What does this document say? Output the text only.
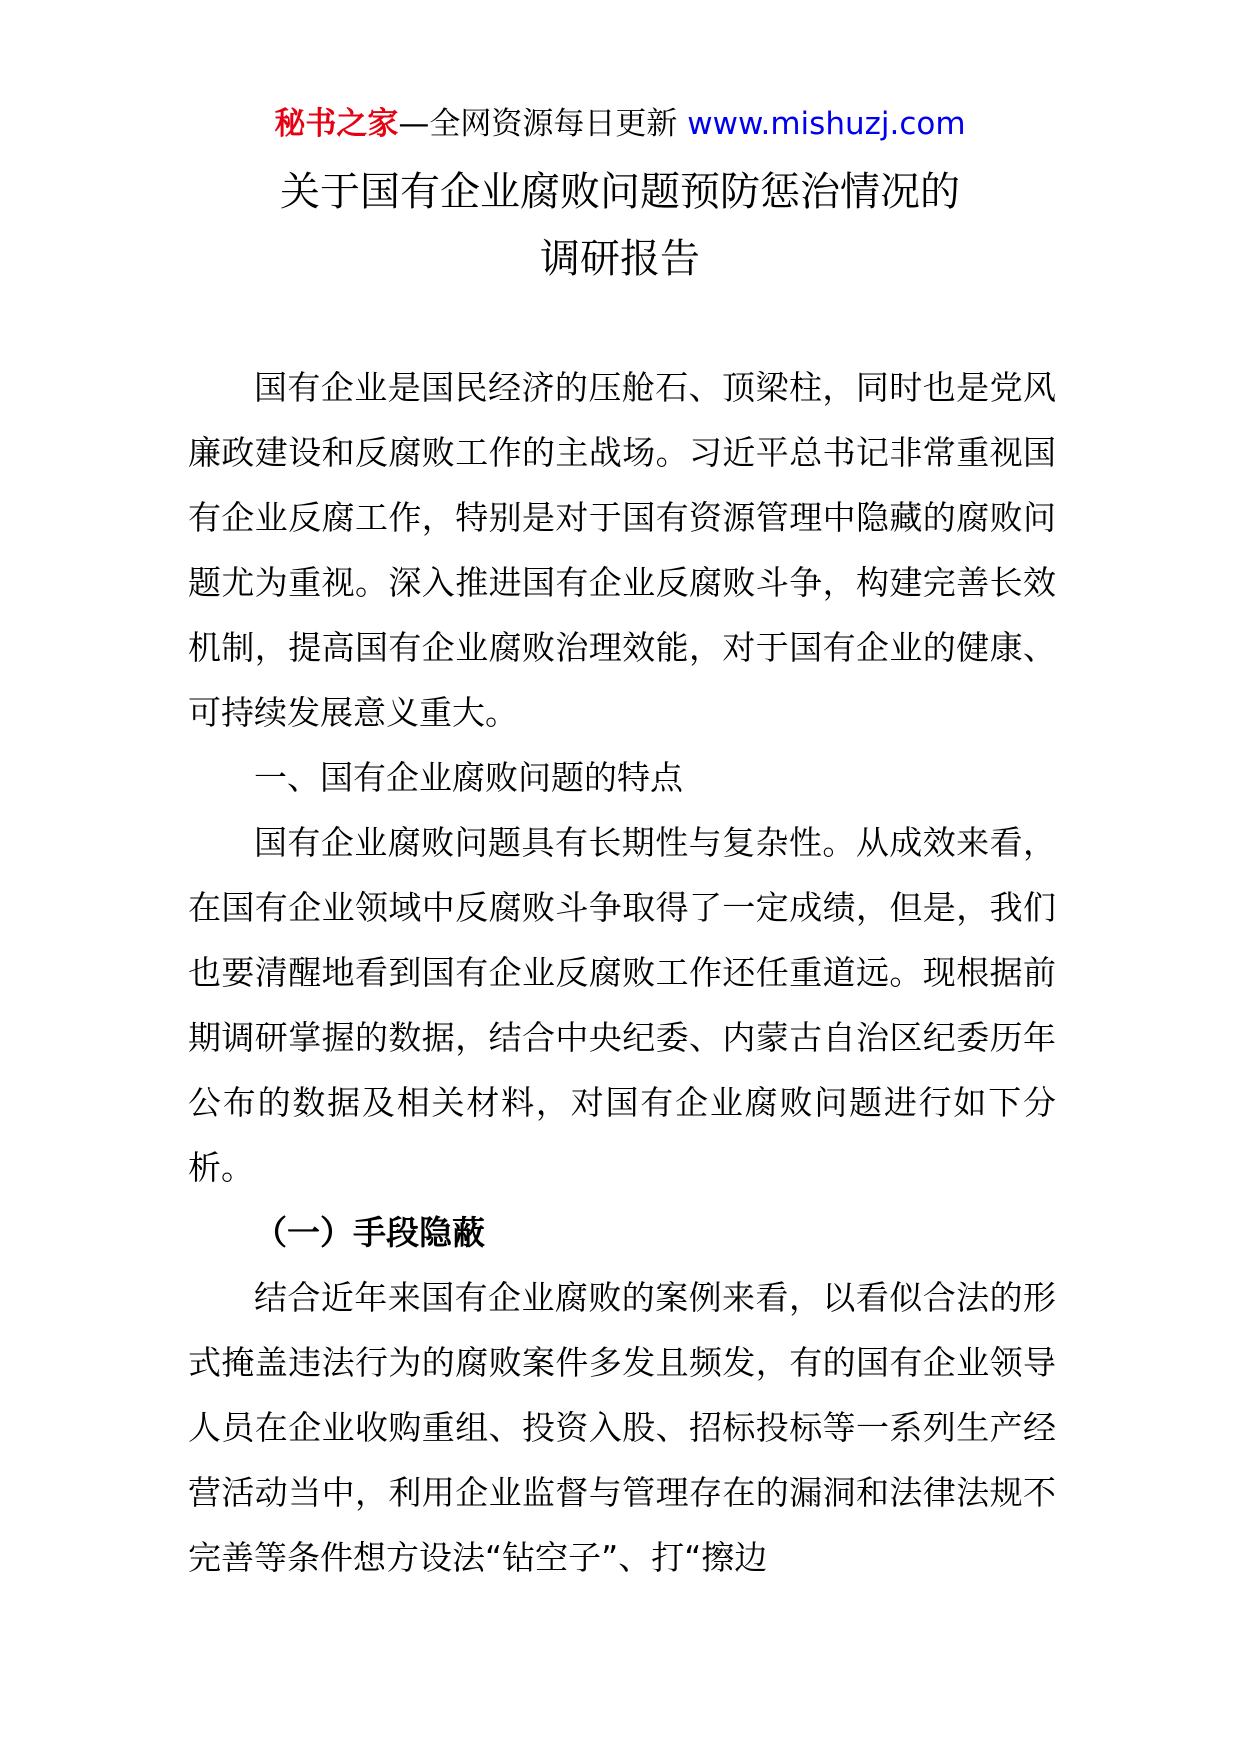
秘书之家—全网资源每日更新 www.mishuzj.com
关于国有企业腐败问题预防惩治情况的
调研报告

国有企业是国民经济的压舱石、顶梁柱，同时也是党风廉政建设和反腐败工作的主战场。习近平总书记非常重视国有企业反腐工作，特别是对于国有资源管理中隐藏的腐败问题尤为重视。深入推进国有企业反腐败斗争，构建完善长效机制，提高国有企业腐败治理效能，对于国有企业的健康、可持续发展意义重大。

一、国有企业腐败问题的特点

国有企业腐败问题具有长期性与复杂性。从成效来看，在国有企业领域中反腐败斗争取得了一定成绩，但是，我们也要清醒地看到国有企业反腐败工作还任重道远。现根据前期调研掌握的数据，结合中央纪委、内蒙古自治区纪委历年公布的数据及相关材料，对国有企业腐败问题进行如下分析。

（一）手段隐蔽

结合近年来国有企业腐败的案例来看，以看似合法的形式掩盖违法行为的腐败案件多发且频发，有的国有企业领导人员在企业收购重组、投资入股、招标投标等一系列生产经营活动当中，利用企业监督与管理存在的漏洞和法律法规不完善等条件想方设法“钻空子”、打“擦边
